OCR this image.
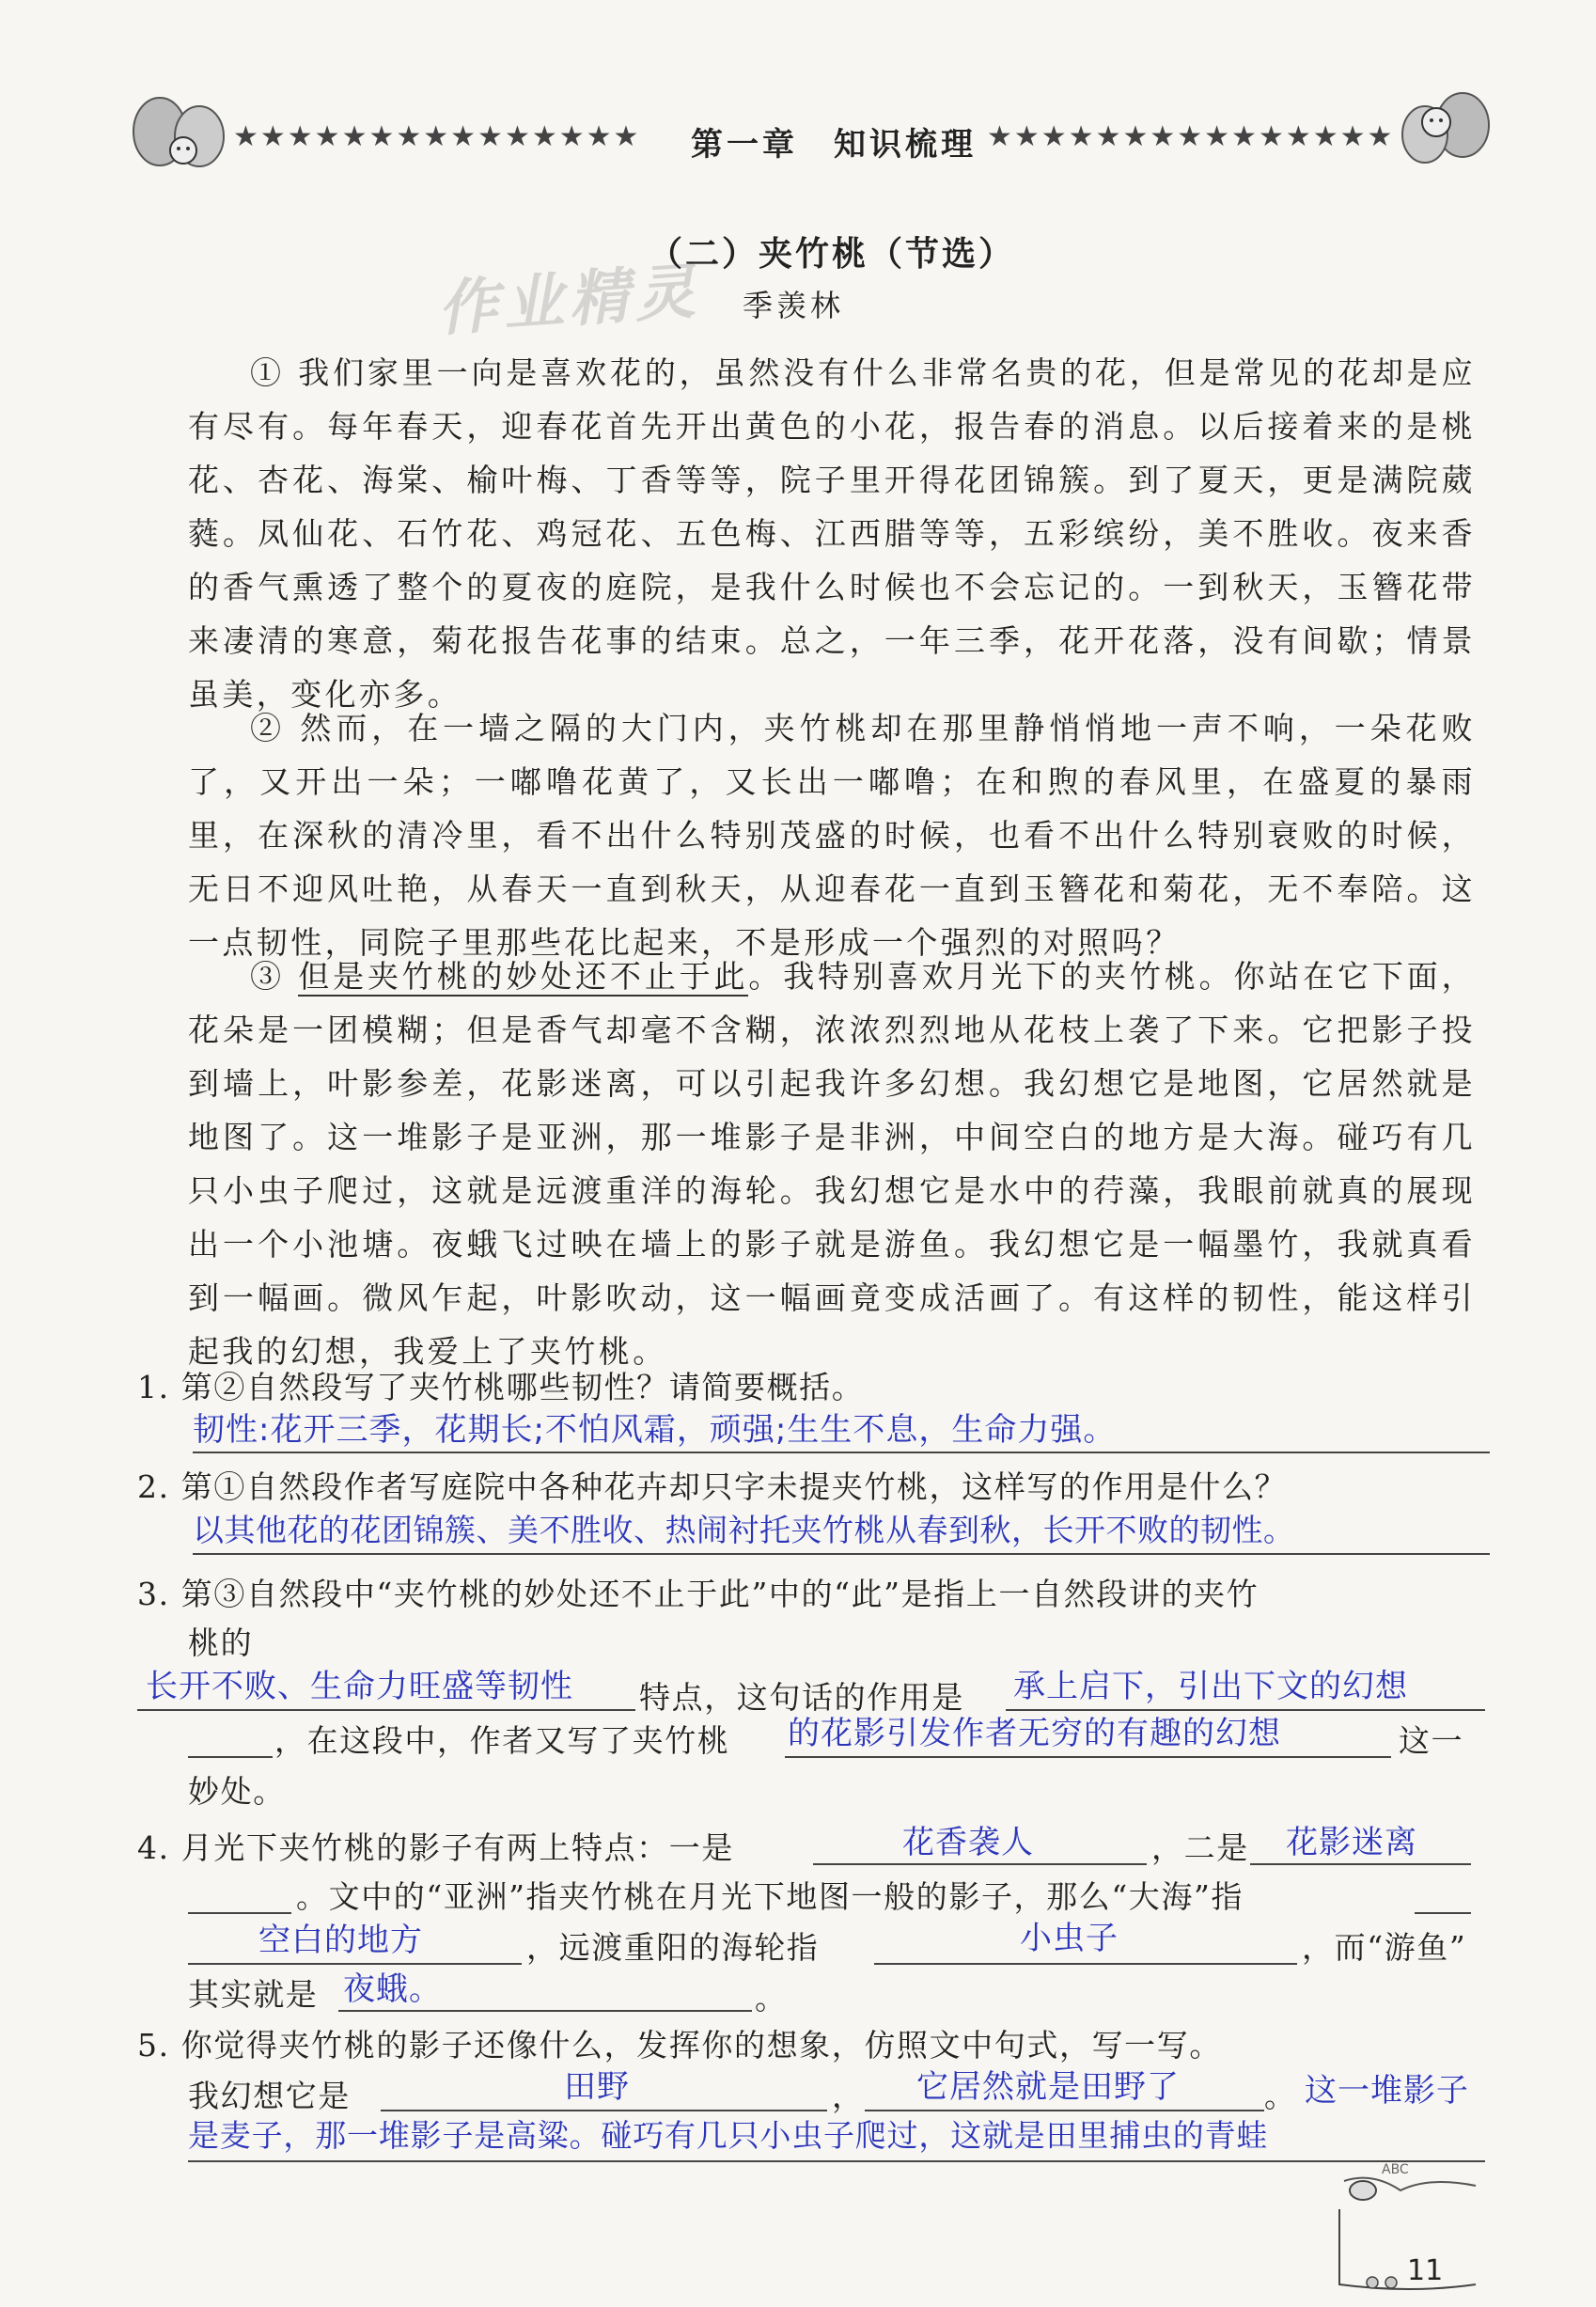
★★★★★★★★★★★★★★★ 第一章　知识梳理 ★★★★★★★★★★★★★★★
作业精灵
（二）夹竹桃（节选）
季羡林
① 我们家里一向是喜欢花的，虽然没有什么非常名贵的花，但是常见的花却是应有尽有。每年春天，迎春花首先开出黄色的小花，报告春的消息。以后接着来的是桃花、杏花、海棠、榆叶梅、丁香等等，院子里开得花团锦簇。到了夏天，更是满院葳蕤。凤仙花、石竹花、鸡冠花、五色梅、江西腊等等，五彩缤纷，美不胜收。夜来香的香气熏透了整个的夏夜的庭院，是我什么时候也不会忘记的。一到秋天，玉簪花带来凄清的寒意，菊花报告花事的结束。总之，一年三季，花开花落，没有间歇；情景虽美，变化亦多。
② 然而，在一墙之隔的大门内，夹竹桃却在那里静悄悄地一声不响，一朵花败了，又开出一朵；一嘟噜花黄了，又长出一嘟噜；在和煦的春风里，在盛夏的暴雨里，在深秋的清冷里，看不出什么特别茂盛的时候，也看不出什么特别衰败的时候，无日不迎风吐艳，从春天一直到秋天，从迎春花一直到玉簪花和菊花，无不奉陪。这一点韧性，同院子里那些花比起来，不是形成一个强烈的对照吗？
③ 但是夹竹桃的妙处还不止于此。我特别喜欢月光下的夹竹桃。你站在它下面，花朵是一团模糊；但是香气却毫不含糊，浓浓烈烈地从花枝上袭了下来。它把影子投到墙上，叶影参差，花影迷离，可以引起我许多幻想。我幻想它是地图，它居然就是地图了。这一堆影子是亚洲，那一堆影子是非洲，中间空白的地方是大海。碰巧有几只小虫子爬过，这就是远渡重洋的海轮。我幻想它是水中的荇藻，我眼前就真的展现出一个小池塘。夜蛾飞过映在墙上的影子就是游鱼。我幻想它是一幅墨竹，我就真看到一幅画。微风乍起，叶影吹动，这一幅画竟变成活画了。有这样的韧性，能这样引起我的幻想，我爱上了夹竹桃。
1. 第②自然段写了夹竹桃哪些韧性？请简要概括。
韧性:花开三季，花期长;不怕风霜，顽强;生生不息，生命力强。
2. 第①自然段作者写庭院中各种花卉却只字未提夹竹桃，这样写的作用是什么？
以其他花的花团锦簇、美不胜收、热闹衬托夹竹桃从春到秋，长开不败的韧性。
3. 第③自然段中“夹竹桃的妙处还不止于此”中的“此”是指上一自然段讲的夹竹
桃的
长开不败、生命力旺盛等韧性 特点，这句话的作用是 承上启下，引出下文的幻想
，在这段中，作者又写了夹竹桃 的花影引发作者无穷的有趣的幻想	这一
妙处。
4. 月光下夹竹桃的影子有两上特点：一是	花香袭人	，二是 花影迷离
。文中的“亚洲”指夹竹桃在月光下地图一般的影子，那么“大海”指
空白的地方	，远渡重阳的海轮指	小虫子	，而“游鱼”
其实就是 夜蛾。	。
5. 你觉得夹竹桃的影子还像什么，发挥你的想象，仿照文中句式，写一写。
我幻想它是	田野	， 它居然就是田野了	。 这一堆影子
是麦子，那一堆影子是高粱。碰巧有几只小虫子爬过，这就是田里捕虫的青蛙
ABC
11
